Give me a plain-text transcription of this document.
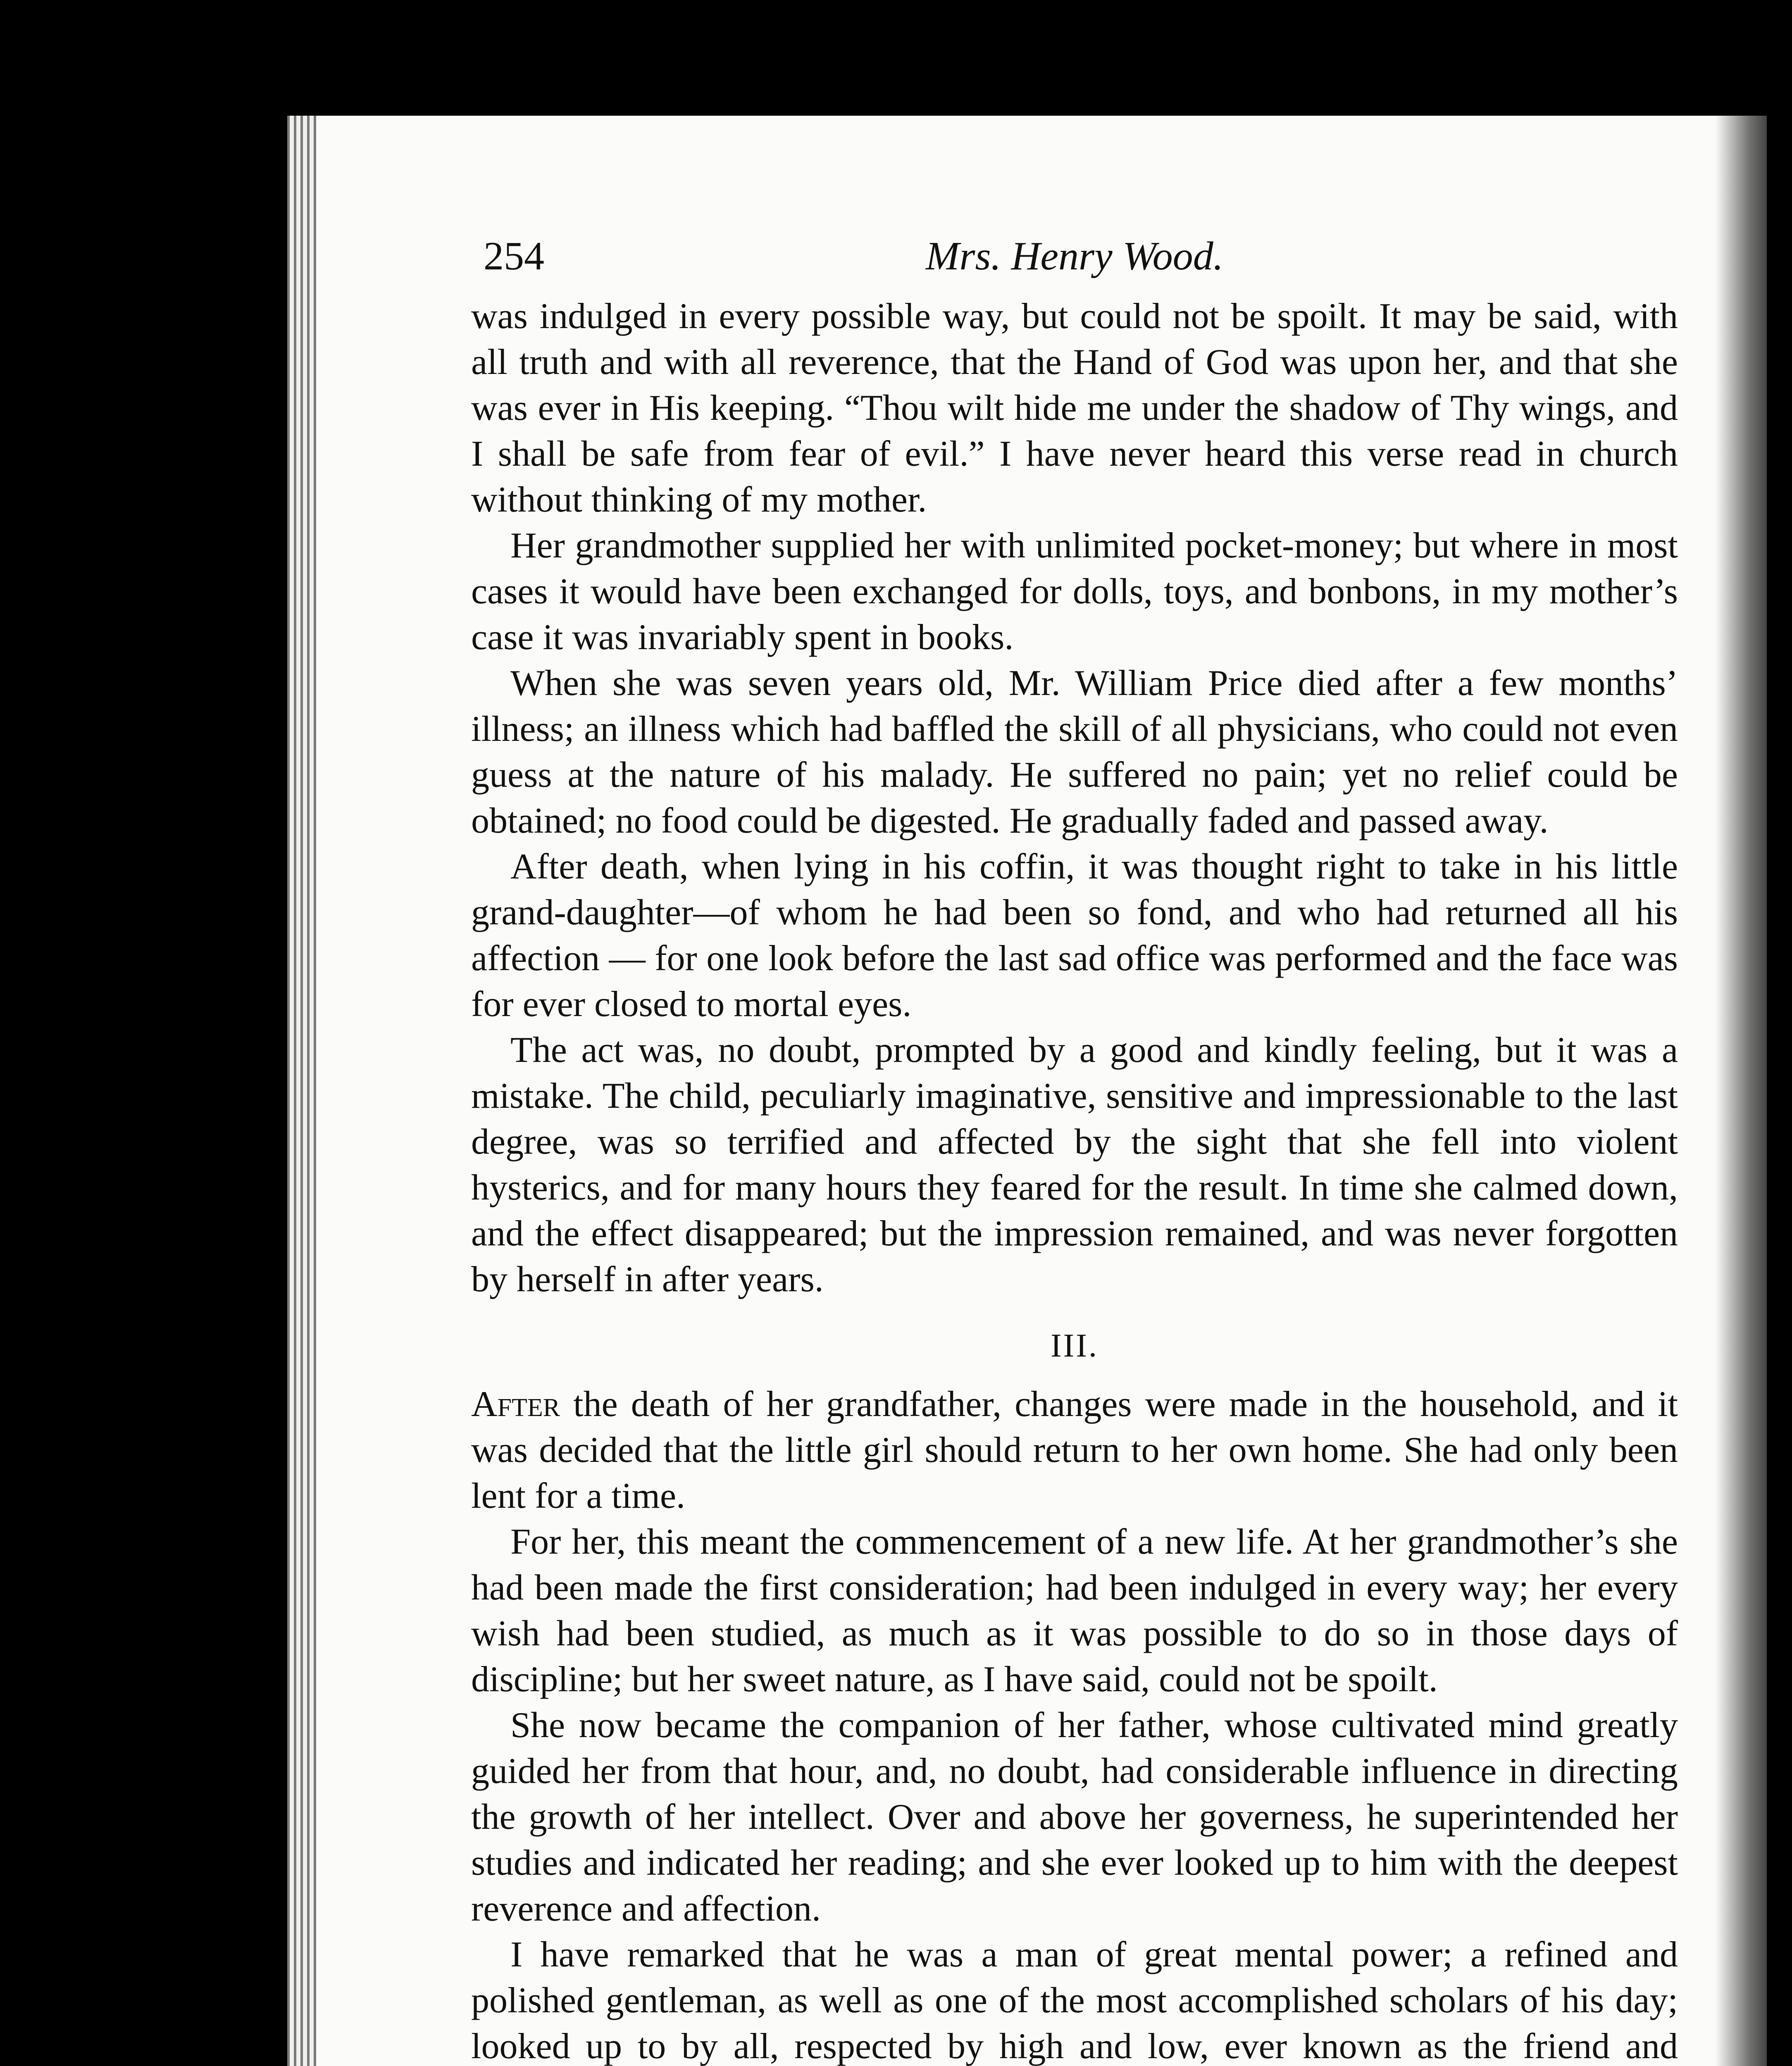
254	Mrs. Henry Wood.

was indulged in every possible way, but could not be spoilt. It may be said, with all truth and with all reverence, that the Hand of God was upon her, and that she was ever in His keeping. “Thou wilt hide me under the shadow of Thy wings, and I shall be safe from fear of evil.” I have never heard this verse read in church without thinking of my mother.

Her grandmother supplied her with unlimited pocket-money; but where in most cases it would have been exchanged for dolls, toys, and bonbons, in my mother’s case it was invariably spent in books.

When she was seven years old, Mr. William Price died after a few months’ illness; an illness which had baffled the skill of all physicians, who could not even guess at the nature of his malady. He suffered no pain; yet no relief could be obtained; no food could be digested. He gradually faded and passed away.

After death, when lying in his coffin, it was thought right to take in his little grand-daughter—of whom he had been so fond, and who had returned all his affection — for one look before the last sad office was performed and the face was for ever closed to mortal eyes.

The act was, no doubt, prompted by a good and kindly feeling, but it was a mistake. The child, peculiarly imaginative, sensitive and impressionable to the last degree, was so terrified and affected by the sight that she fell into violent hysterics, and for many hours they feared for the result. In time she calmed down, and the effect disappeared; but the impression remained, and was never forgotten by herself in after years.

III.

After the death of her grandfather, changes were made in the household, and it was decided that the little girl should return to her own home. She had only been lent for a time.

For her, this meant the commencement of a new life. At her grandmother’s she had been made the first consideration; had been indulged in every way; her every wish had been studied, as much as it was possible to do so in those days of discipline; but her sweet nature, as I have said, could not be spoilt.

She now became the companion of her father, whose cultivated mind greatly guided her from that hour, and, no doubt, had considerable influence in directing the growth of her intellect. Over and above her governess, he superintended her studies and indicated her reading; and she ever looked up to him with the deepest reverence and affection.

I have remarked that he was a man of great mental power; a refined and polished gentleman, as well as one of the most accomplished scholars of his day; looked up to by all, respected by high and low, ever known as the friend and
